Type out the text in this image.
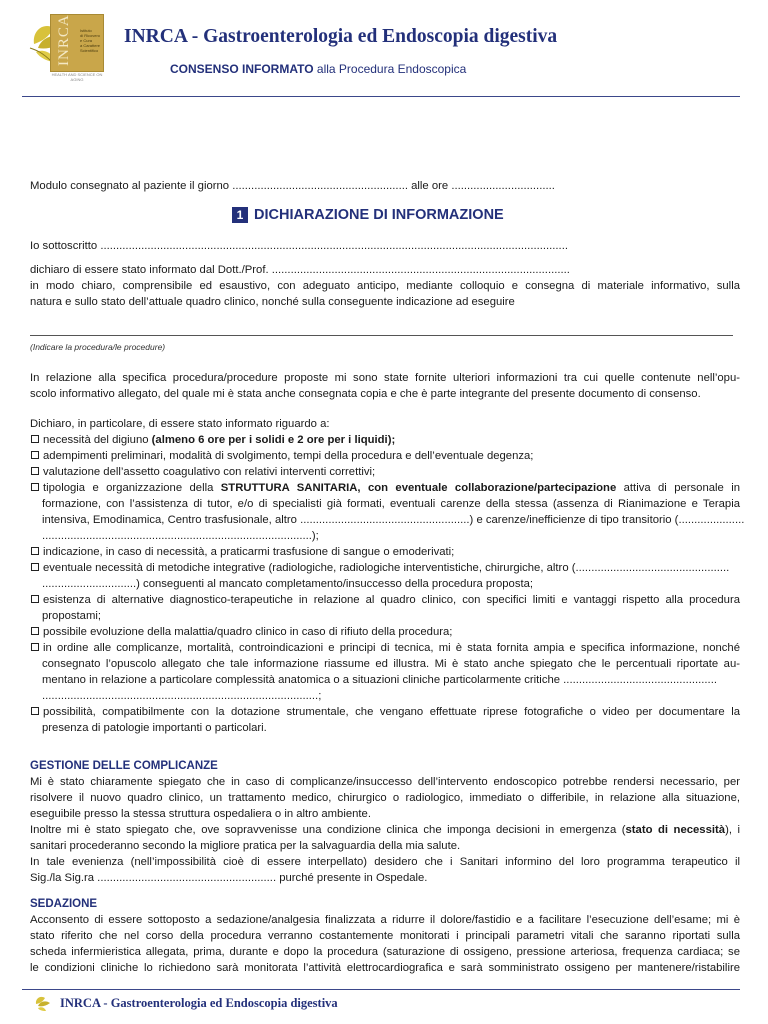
INRCA Istituto
di Ricovero
e Cura
a Carattere
Scientifico
HEALTH AND SCIENCE ON AGING
INRCA - Gastroenterologia ed Endoscopia digestiva
CONSENSO INFORMATO alla Procedura Endoscopica
Modulo consegnato al paziente il giorno ........................................................ alle ore .................................
1 DICHIARAZIONE DI INFORMAZIONE
Io sottoscritto .....................................................................................................................................................
dichiaro di essere stato informato dal Dott./Prof. ...............................................................................................
in modo chiaro, comprensibile ed esaustivo, con adeguato anticipo, mediante colloquio e consegna di materiale informativo, sulla
natura e sullo stato dell’attuale quadro clinico, nonché sulla conseguente indicazione ad eseguire
(Indicare la procedura/le procedure)
In relazione alla specifica procedura/procedure proposte mi sono state fornite ulteriori informazioni tra cui quelle contenute nell’opu-
scolo informativo allegato, del quale mi è stata anche consegnata copia e che è parte integrante del presente documento di consenso.
Dichiaro, in particolare, di essere stato informato riguardo a:
necessità del digiuno (almeno 6 ore per i solidi e 2 ore per i liquidi);
adempimenti preliminari, modalità di svolgimento, tempi della procedura e dell’eventuale degenza;
valutazione dell’assetto coagulativo con relativi interventi correttivi;
tipologia e organizzazione della STRUTTURA SANITARIA, con eventuale collaborazione/partecipazione attiva di personale in
formazione, con l’assistenza di tutor, e/o di specialisti già formati, eventuali carenze della stessa (assenza di Rianimazione e Terapia
intensiva, Emodinamica, Centro trasfusionale, altro ......................................................) e carenze/inefficienze di tipo transitorio (.....................
......................................................................................);
indicazione, in caso di necessità, a praticarmi trasfusione di sangue o emoderivati;
eventuale necessità di metodiche integrative (radiologiche, radiologiche interventistiche, chirurgiche, altro (.................................................
..............................) conseguenti al mancato completamento/insuccesso della procedura proposta;
esistenza di alternative diagnostico-terapeutiche in relazione al quadro clinico, con specifici limiti e vantaggi rispetto alla procedura
propostami;
possibile evoluzione della malattia/quadro clinico in caso di rifiuto della procedura;
in ordine alle complicanze, mortalità, controindicazioni e principi di tecnica, mi è stata fornita ampia e specifica informazione, nonché
consegnato l’opuscolo allegato che tale informazione riassume ed illustra. Mi è stato anche spiegato che le percentuali riportate au-
mentano in relazione a particolare complessità anatomica o a situazioni cliniche particolarmente critiche .................................................
........................................................................................;
possibilità, compatibilmente con la dotazione strumentale, che vengano effettuate riprese fotografiche o video per documentare la
presenza di patologie importanti o particolari.
GESTIONE DELLE COMPLICANZE
Mi è stato chiaramente spiegato che in caso di complicanze/insuccesso dell’intervento endoscopico potrebbe rendersi necessario, per
risolvere il nuovo quadro clinico, un trattamento medico, chirurgico o radiologico, immediato o differibile, in relazione alla situazione,
eseguibile presso la stessa struttura ospedaliera o in altro ambiente.
Inoltre mi è stato spiegato che, ove sopravvenisse una condizione clinica che imponga decisioni in emergenza (stato di necessità), i
sanitari procederanno secondo la migliore pratica per la salvaguardia della mia salute.
In tale evenienza (nell’impossibilità cioè di essere interpellato) desidero che i Sanitari informino del loro programma terapeutico il
Sig./la Sig.ra ......................................................... purché presente in Ospedale.
SEDAZIONE
Acconsento di essere sottoposto a sedazione/analgesia finalizzata a ridurre il dolore/fastidio e a facilitare l’esecuzione dell’esame; mi è
stato riferito che nel corso della procedura verranno costantemente monitorati i principali parametri vitali che saranno riportati sulla
scheda infermieristica allegata, prima, durante e dopo la procedura (saturazione di ossigeno, pressione arteriosa, frequenza cardiaca; se
le condizioni cliniche lo richiedono sarà monitorata l’attività elettrocardiografica e sarà somministrato ossigeno per mantenere/ristabilire
INRCA - Gastroenterologia ed Endoscopia digestiva
